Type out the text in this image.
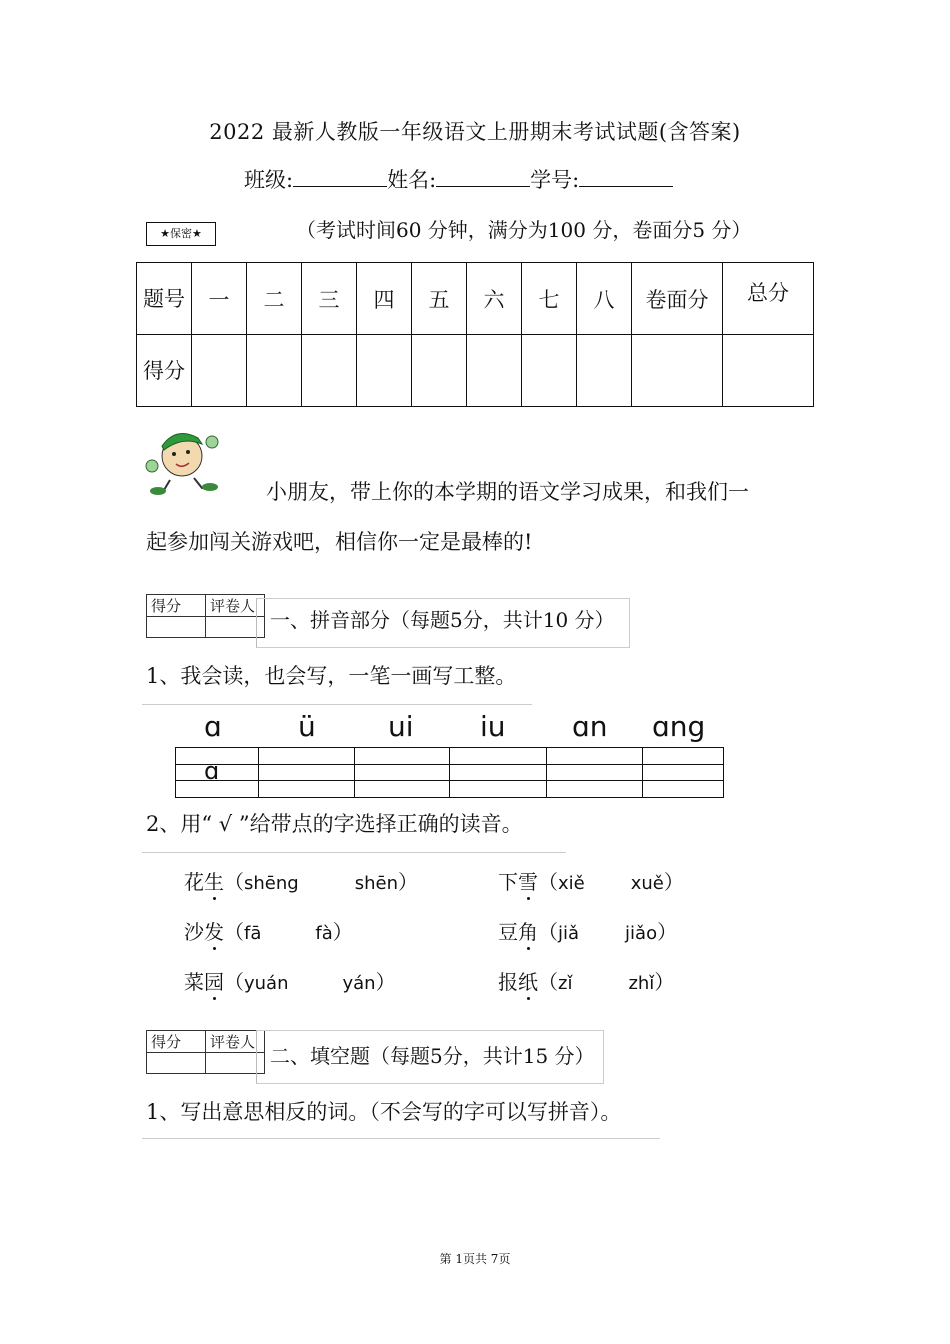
2022 最新人教版一年级语文上册期末考试试题(含答案)
班级:	姓名:	学号:
★保密★	（考试时间60 分钟，满分为100 分，卷面分5 分）
题号	一	二	三	四	五	六	七	八	卷面分	总分
得分										
小朋友，带上你的本学期的语文学习成果，和我们一
起参加闯关游戏吧，相信你一定是最棒的!
得分	评卷人

一、拼音部分（每题5分，共计10 分）
1、我会读，也会写，一笔一画写工整。
ɑ	ü	ui iu ɑn ɑng
ɑ
2、用“ √ ”给带点的字选择正确的读音。
花生（shēng	shēn）	下雪（xiě	xuě）
沙发（fā	fà）	豆角（jiǎ	jiǎo）
菜园（yuán	yán）	报纸（zǐ	zhǐ）
得分	评卷人

二、填空题（每题5分，共计15 分）
1、写出意思相反的词。（不会写的字可以写拼音）。
第 1页共 7页
